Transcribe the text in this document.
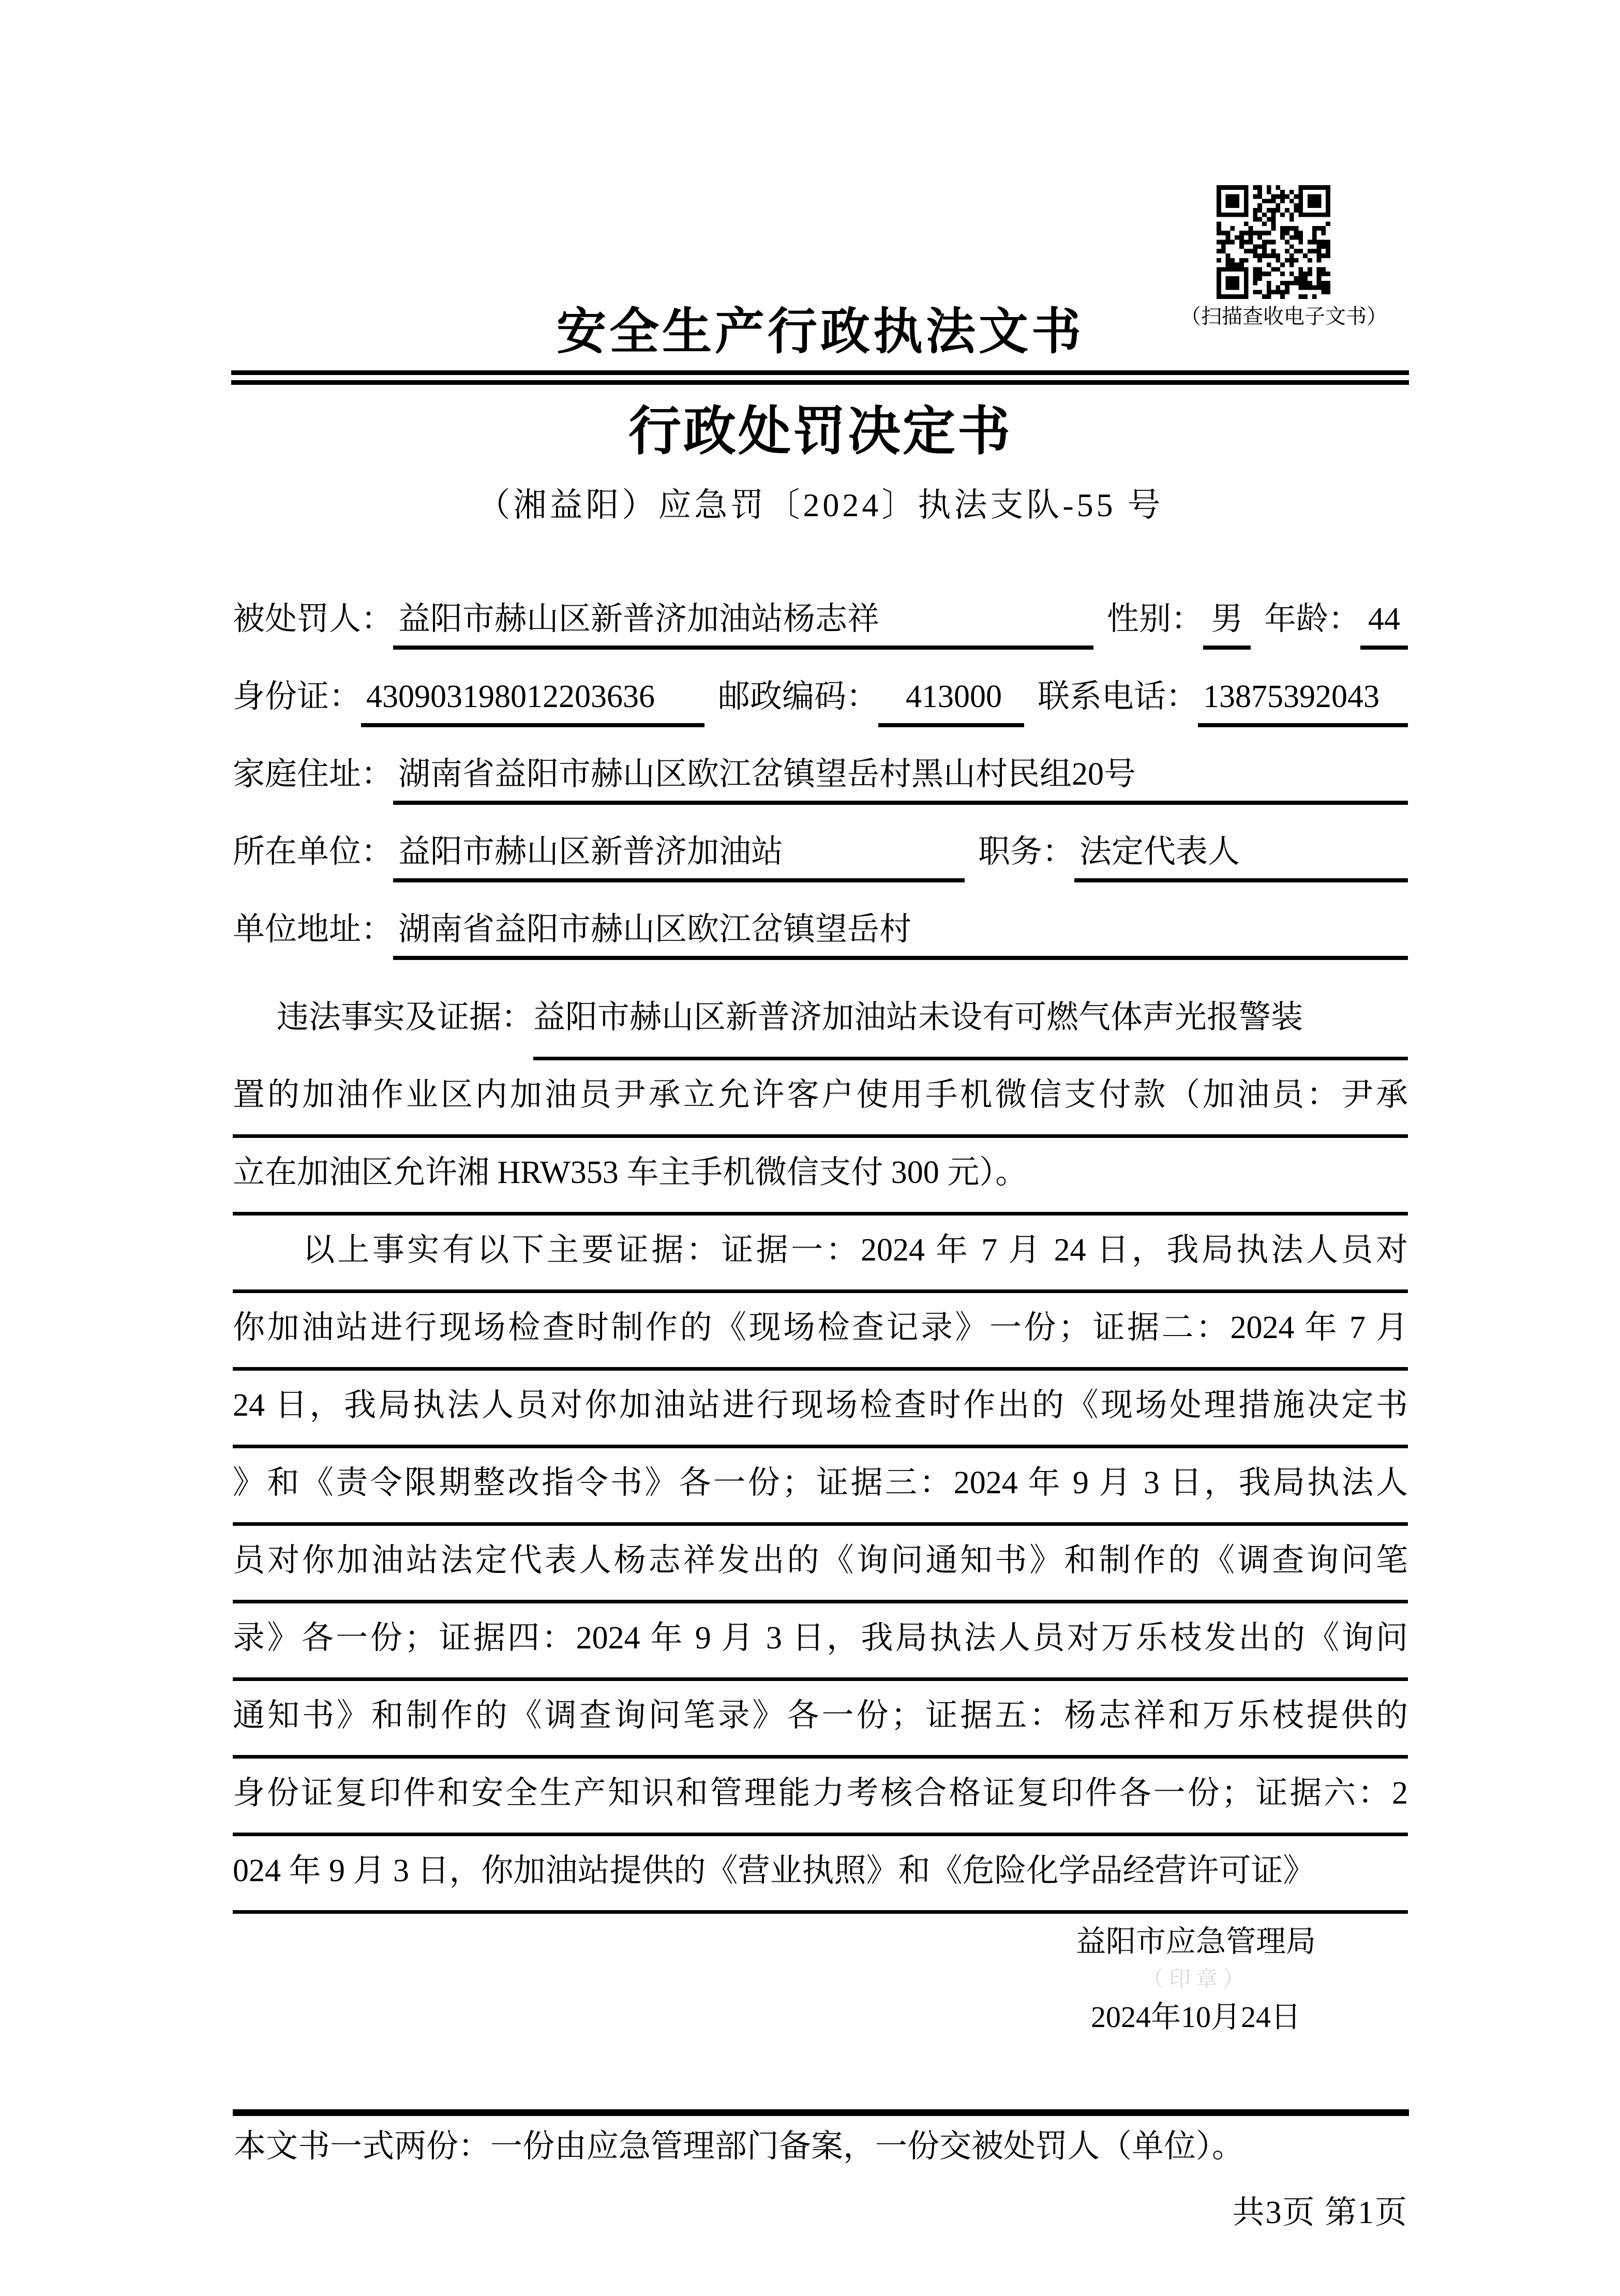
（扫描查收电子文书）
安全生产行政执法文书
行政处罚决定书
（湘益阳）应急罚〔2024〕执法支队-55 号
被处罚人： 益阳市赫山区新普济加油站杨志祥	性别： 男 年龄： 44
身份证： 430903198012203636	邮政编码： 413000	联系电话： 13875392043
家庭住址： 湖南省益阳市赫山区欧江岔镇望岳村黑山村民组20号
所在单位： 益阳市赫山区新普济加油站	职务： 法定代表人
单位地址： 湖南省益阳市赫山区欧江岔镇望岳村
违法事实及证据： 益阳市赫山区新普济加油站未设有可燃气体声光报警装
置的加油作业区内加油员尹承立允许客户使用手机微信支付款（加油员：尹承
立在加油区允许湘 HRW353 车主手机微信支付 300 元）。
以上事实有以下主要证据：证据一：2024 年 7 月 24 日，我局执法人员对
你加油站进行现场检查时制作的《现场检查记录》一份；证据二：2024 年 7 月
24 日，我局执法人员对你加油站进行现场检查时作出的《现场处理措施决定书
》和《责令限期整改指令书》各一份；证据三：2024 年 9 月 3 日，我局执法人
员对你加油站法定代表人杨志祥发出的《询问通知书》和制作的《调查询问笔
录》各一份；证据四：2024 年 9 月 3 日，我局执法人员对万乐枝发出的《询问
通知书》和制作的《调查询问笔录》各一份；证据五：杨志祥和万乐枝提供的
身份证复印件和安全生产知识和管理能力考核合格证复印件各一份；证据六：2
024 年 9 月 3 日，你加油站提供的《营业执照》和《危险化学品经营许可证》
益阳市应急管理局
（印章）
2024年10月24日
本文书一式两份：一份由应急管理部门备案，一份交被处罚人（单位）。
共3页 第1页
